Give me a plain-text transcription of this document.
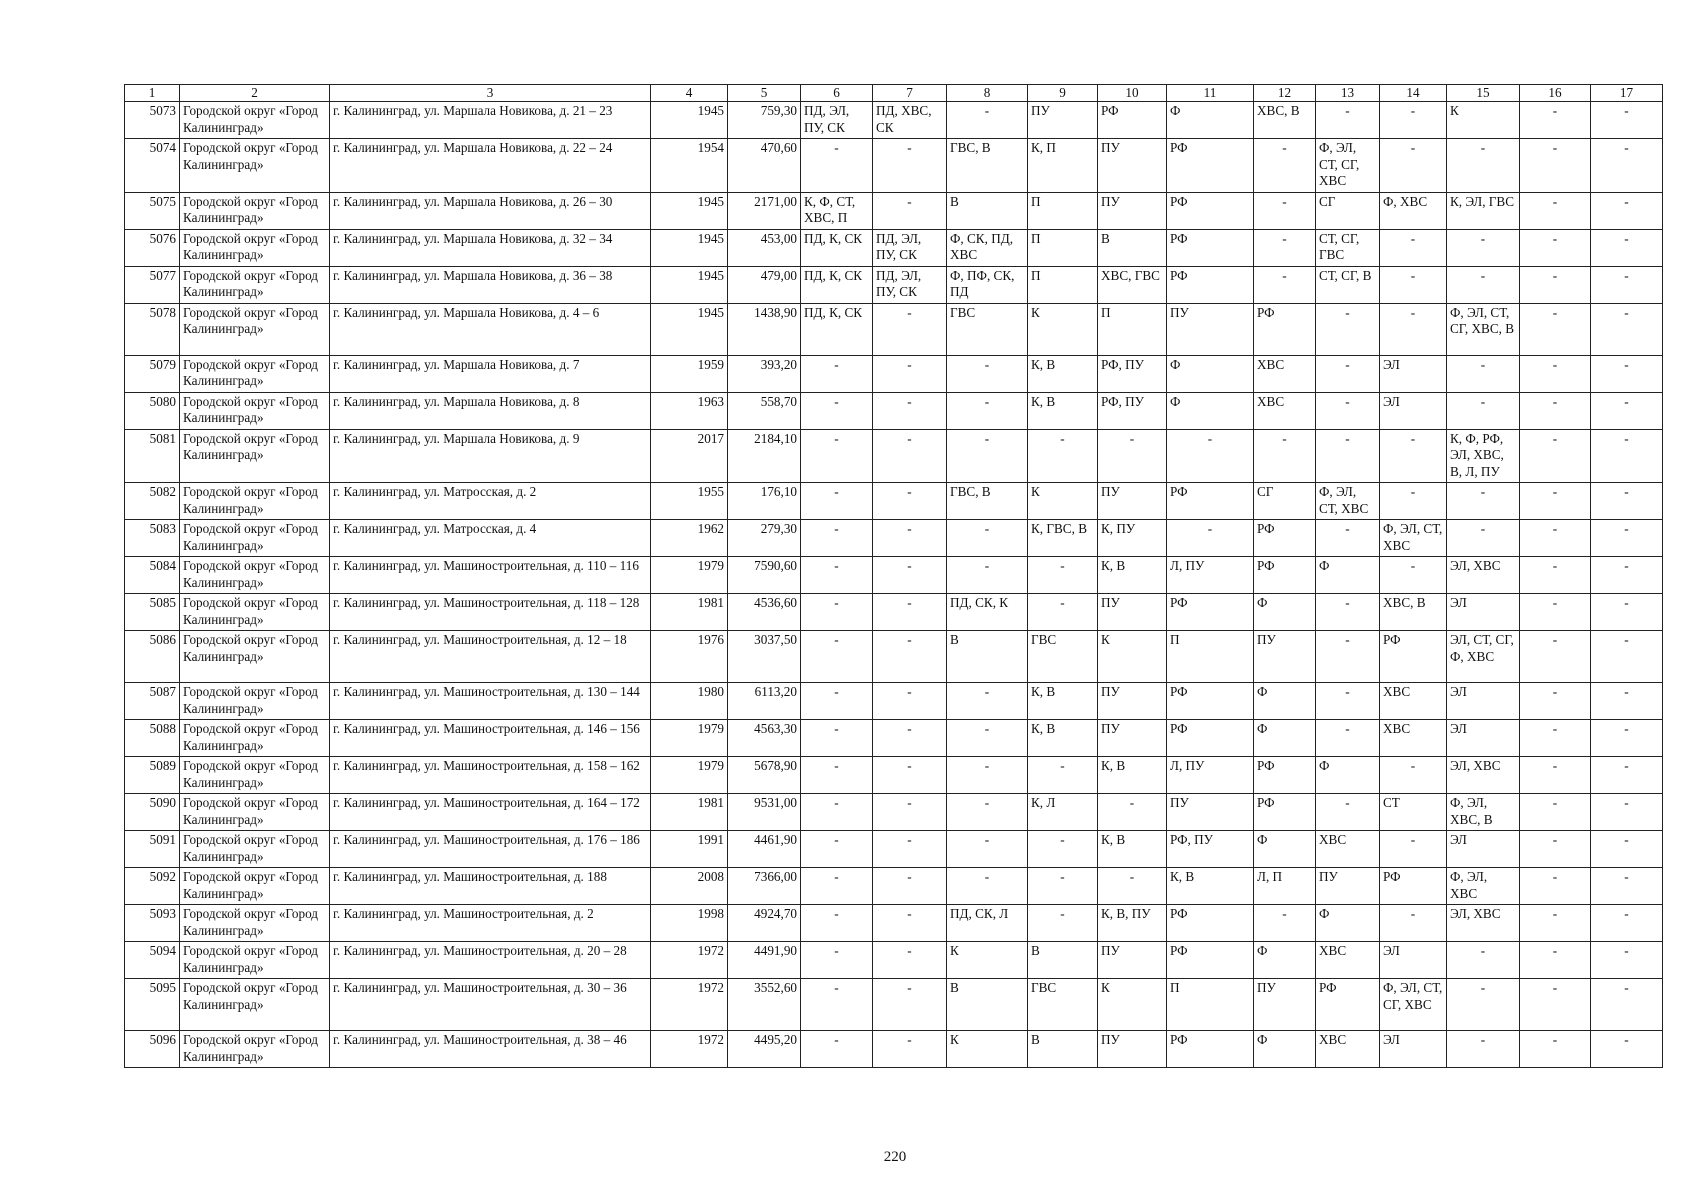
1	2	3	4	5	6	7	8	9	10	11	12	13	14	15	16	17
5073	Городской округ «Город Калининград»	г. Калининград, ул. Маршала Новикова, д. 21 – 23	1945	759,30	ПД, ЭЛ, ПУ, СК	ПД, ХВС, СК	-	ПУ	РФ	Ф	ХВС, В	-	-	К	-	-
5074	Городской округ «Город Калининград»	г. Калининград, ул. Маршала Новикова, д. 22 – 24	1954	470,60	-	-	ГВС, В	К, П	ПУ	РФ	-	Ф, ЭЛ, СТ, СГ, ХВС	-	-	-	-
5075	Городской округ «Город Калининград»	г. Калининград, ул. Маршала Новикова, д. 26 – 30	1945	2171,00	К, Ф, СТ, ХВС, П	-	В	П	ПУ	РФ	-	СГ	Ф, ХВС	К, ЭЛ, ГВС	-	-
5076	Городской округ «Город Калининград»	г. Калининград, ул. Маршала Новикова, д. 32 – 34	1945	453,00	ПД, К, СК	ПД, ЭЛ, ПУ, СК	Ф, СК, ПД, ХВС	П	В	РФ	-	СТ, СГ, ГВС	-	-	-	-
5077	Городской округ «Город Калининград»	г. Калининград, ул. Маршала Новикова, д. 36 – 38	1945	479,00	ПД, К, СК	ПД, ЭЛ, ПУ, СК	Ф, ПФ, СК, ПД	П	ХВС, ГВС	РФ	-	СТ, СГ, В	-	-	-	-
5078	Городской округ «Город Калининград»	г. Калининград, ул. Маршала Новикова, д. 4 – 6	1945	1438,90	ПД, К, СК	-	ГВС	К	П	ПУ	РФ	-	-	Ф, ЭЛ, СТ, СГ, ХВС, В	-	-
5079	Городской округ «Город Калининград»	г. Калининград, ул. Маршала Новикова, д. 7	1959	393,20	-	-	-	К, В	РФ, ПУ	Ф	ХВС	-	ЭЛ	-	-	-
5080	Городской округ «Город Калининград»	г. Калининград, ул. Маршала Новикова, д. 8	1963	558,70	-	-	-	К, В	РФ, ПУ	Ф	ХВС	-	ЭЛ	-	-	-
5081	Городской округ «Город Калининград»	г. Калининград, ул. Маршала Новикова, д. 9	2017	2184,10	-	-	-	-	-	-	-	-	-	К, Ф, РФ, ЭЛ, ХВС, В, Л, ПУ	-	-
5082	Городской округ «Город Калининград»	г. Калининград, ул. Матросская, д. 2	1955	176,10	-	-	ГВС, В	К	ПУ	РФ	СГ	Ф, ЭЛ, СТ, ХВС	-	-	-	-
5083	Городской округ «Город Калининград»	г. Калининград, ул. Матросская, д. 4	1962	279,30	-	-	-	К, ГВС, В	К, ПУ	-	РФ	-	Ф, ЭЛ, СТ, ХВС	-	-	-
5084	Городской округ «Город Калининград»	г. Калининград, ул. Машиностроительная, д. 110 – 116	1979	7590,60	-	-	-	-	К, В	Л, ПУ	РФ	Ф	-	ЭЛ, ХВС	-	-
5085	Городской округ «Город Калининград»	г. Калининград, ул. Машиностроительная, д. 118 – 128	1981	4536,60	-	-	ПД, СК, К	-	ПУ	РФ	Ф	-	ХВС, В	ЭЛ	-	-
5086	Городской округ «Город Калининград»	г. Калининград, ул. Машиностроительная, д. 12 – 18	1976	3037,50	-	-	В	ГВС	К	П	ПУ	-	РФ	ЭЛ, СТ, СГ, Ф, ХВС	-	-
5087	Городской округ «Город Калининград»	г. Калининград, ул. Машиностроительная, д. 130 – 144	1980	6113,20	-	-	-	К, В	ПУ	РФ	Ф	-	ХВС	ЭЛ	-	-
5088	Городской округ «Город Калининград»	г. Калининград, ул. Машиностроительная, д. 146 – 156	1979	4563,30	-	-	-	К, В	ПУ	РФ	Ф	-	ХВС	ЭЛ	-	-
5089	Городской округ «Город Калининград»	г. Калининград, ул. Машиностроительная, д. 158 – 162	1979	5678,90	-	-	-	-	К, В	Л, ПУ	РФ	Ф	-	ЭЛ, ХВС	-	-
5090	Городской округ «Город Калининград»	г. Калининград, ул. Машиностроительная, д. 164 – 172	1981	9531,00	-	-	-	К, Л	-	ПУ	РФ	-	СТ	Ф, ЭЛ, ХВС, В	-	-
5091	Городской округ «Город Калининград»	г. Калининград, ул. Машиностроительная, д. 176 – 186	1991	4461,90	-	-	-	-	К, В	РФ, ПУ	Ф	ХВС	-	ЭЛ	-	-
5092	Городской округ «Город Калининград»	г. Калининград, ул. Машиностроительная, д. 188	2008	7366,00	-	-	-	-	-	К, В	Л, П	ПУ	РФ	Ф, ЭЛ, ХВС	-	-
5093	Городской округ «Город Калининград»	г. Калининград, ул. Машиностроительная, д. 2	1998	4924,70	-	-	ПД, СК, Л	-	К, В, ПУ	РФ	-	Ф	-	ЭЛ, ХВС	-	-
5094	Городской округ «Город Калининград»	г. Калининград, ул. Машиностроительная, д. 20 – 28	1972	4491,90	-	-	К	В	ПУ	РФ	Ф	ХВС	ЭЛ	-	-	-
5095	Городской округ «Город Калининград»	г. Калининград, ул. Машиностроительная, д. 30 – 36	1972	3552,60	-	-	В	ГВС	К	П	ПУ	РФ	Ф, ЭЛ, СТ, СГ, ХВС	-	-	-
5096	Городской округ «Город Калининград»	г. Калининград, ул. Машиностроительная, д. 38 – 46	1972	4495,20	-	-	К	В	ПУ	РФ	Ф	ХВС	ЭЛ	-	-	-
220
